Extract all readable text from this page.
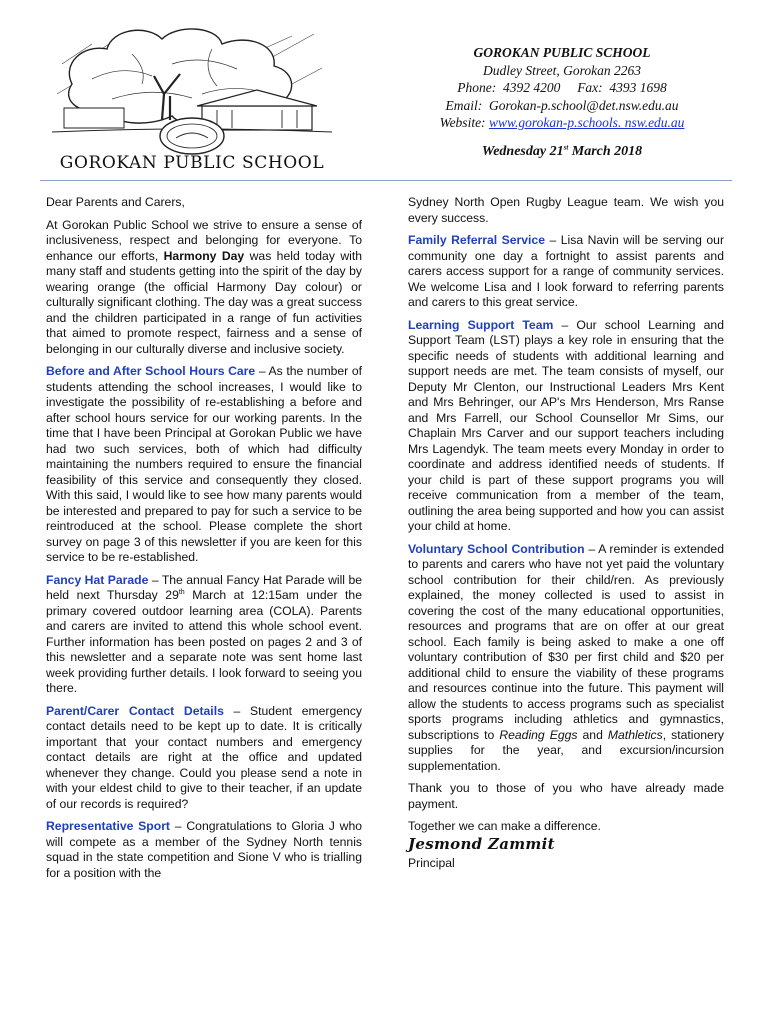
GOROKAN PUBLIC SCHOOL
GOROKAN PUBLIC SCHOOL
Dudley Street, Gorokan 2263
Phone: 4392 4200 Fax: 4393 1698
Email: Gorokan-p.school@det.nsw.edu.au
Website: www.gorokan-p.schools. nsw.edu.au
Wednesday 21st March 2018

Dear Parents and Carers,

At Gorokan Public School we strive to ensure a sense of inclusiveness, respect and belonging for everyone. To enhance our efforts, Harmony Day was held today with many staff and students getting into the spirit of the day by wearing orange (the official Harmony Day colour) or culturally significant clothing. The day was a great success and the children participated in a range of fun activities that aimed to promote respect, fairness and a sense of belonging in our culturally diverse and inclusive society.

Before and After School Hours Care – As the number of students attending the school increases, I would like to investigate the possibility of re-establishing a before and after school hours service for our working parents. In the time that I have been Principal at Gorokan Public we have had two such services, both of which had difficulty maintaining the numbers required to ensure the financial feasibility of this service and consequently they closed. With this said, I would like to see how many parents would be interested and prepared to pay for such a service to be reintroduced at the school. Please complete the short survey on page 3 of this newsletter if you are keen for this service to be re-established.

Fancy Hat Parade – The annual Fancy Hat Parade will be held next Thursday 29th March at 12:15am under the primary covered outdoor learning area (COLA). Parents and carers are invited to attend this whole school event. Further information has been posted on pages 2 and 3 of this newsletter and a separate note was sent home last week providing further details. I look forward to seeing you there.

Parent/Carer Contact Details – Student emergency contact details need to be kept up to date. It is critically important that your contact numbers and emergency contact details are right at the office and updated whenever they change. Could you please send a note in with your eldest child to give to their teacher, if an update of our records is required?

Representative Sport – Congratulations to Gloria J who will compete as a member of the Sydney North tennis squad in the state competition and Sione V who is trialling for a position with the

Sydney North Open Rugby League team. We wish you every success.

Family Referral Service – Lisa Navin will be serving our community one day a fortnight to assist parents and carers access support for a range of community services. We welcome Lisa and I look forward to referring parents and carers to this great service.

Learning Support Team – Our school Learning and Support Team (LST) plays a key role in ensuring that the specific needs of students with additional learning and support needs are met. The team consists of myself, our Deputy Mr Clenton, our Instructional Leaders Mrs Kent and Mrs Behringer, our AP's Mrs Henderson, Mrs Ranse and Mrs Farrell, our School Counsellor Mr Sims, our Chaplain Mrs Carver and our support teachers including Mrs Lagendyk. The team meets every Monday in order to coordinate and address identified needs of students. If your child is part of these support programs you will receive communication from a member of the team, outlining the area being supported and how you can assist your child at home.

Voluntary School Contribution – A reminder is extended to parents and carers who have not yet paid the voluntary school contribution for their child/ren. As previously explained, the money collected is used to assist in covering the cost of the many educational opportunities, resources and programs that are on offer at our great school. Each family is being asked to make a one off voluntary contribution of $30 per first child and $20 per additional child to ensure the viability of these programs and resources continue into the future. This payment will allow the students to access programs such as specialist sports programs including athletics and gymnastics, subscriptions to Reading Eggs and Mathletics, stationery supplies for the year, and excursion/incursion supplementation.

Thank you to those of you who have already made payment.

Together we can make a difference.

Jesmond Zammit
Principal
